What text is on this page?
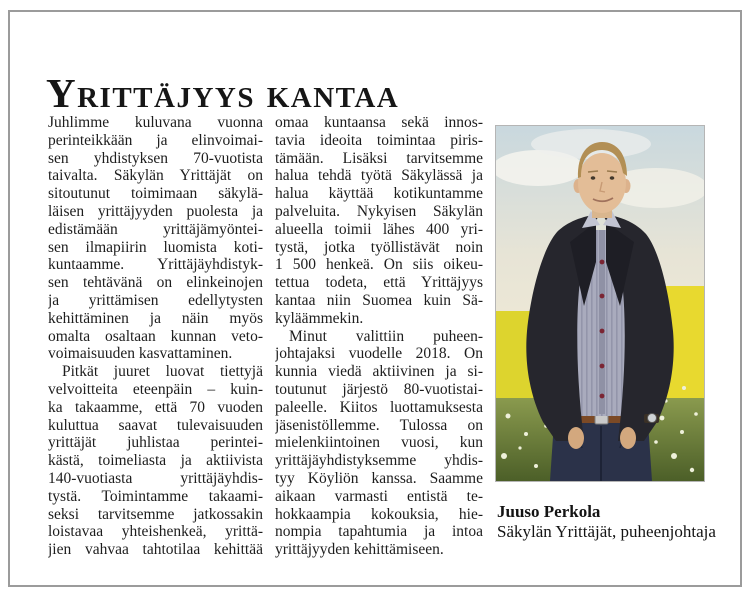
Yrittäjyys kantaa
Juhlimme kuluvana vuonna
perinteikkään ja elinvoimai-
sen yhdistyksen 70-vuotista
taivalta. Säkylän Yrittäjät on
sitoutunut toimimaan säkylä-
läisen yrittäjyyden puolesta ja
edistämään yrittäjämyöntei-
sen ilmapiirin luomista koti-
kuntaamme. Yrittäjäyhdistyk-
sen tehtävänä on elinkeinojen
ja yrittämisen edellytysten
kehittäminen ja näin myös
omalta osaltaan kunnan veto-
voimaisuuden kasvattaminen.
Pitkät juuret luovat tiettyjä
velvoitteita eteenpäin – kuin-
ka takaamme, että 70 vuoden
kuluttua saavat tulevaisuuden
yrittäjät juhlistaa perintei-
kästä, toimeliasta ja aktiivista
140-vuotiasta yrittäjäyhdis-
tystä. Toimintamme takaami-
seksi tarvitsemme jatkossakin
loistavaa yhteishenkeä, yrittä-
jien vahvaa tahtotilaa kehittää
omaa kuntaansa sekä innos-
tavia ideoita toimintaa piris-
tämään. Lisäksi tarvitsemme
halua tehdä työtä Säkylässä ja
halua käyttää kotikuntamme
palveluita. Nykyisen Säkylän
alueella toimii lähes 400 yri-
tystä, jotka työllistävät noin
1 500 henkeä. On siis oikeu-
tettua todeta, että Yrittäjyys
kantaa niin Suomea kuin Sä-
kyläämmekin.
Minut valittiin puheen-
johtajaksi vuodelle 2018. On
kunnia viedä aktiivinen ja si-
toutunut järjestö 80-vuotistai-
paleelle. Kiitos luottamuksesta
jäsenistöllemme. Tulossa on
mielenkiintoinen vuosi, kun
yrittäjäyhdistyksemme yhdis-
tyy Köyliön kanssa. Saamme
aikaan varmasti entistä te-
hokkaampia kokouksia, hie-
nompia tapahtumia ja intoa
yrittäjyyden kehittämiseen.
Juuso Perkola
Säkylän Yrittäjät, puheenjohtaja
